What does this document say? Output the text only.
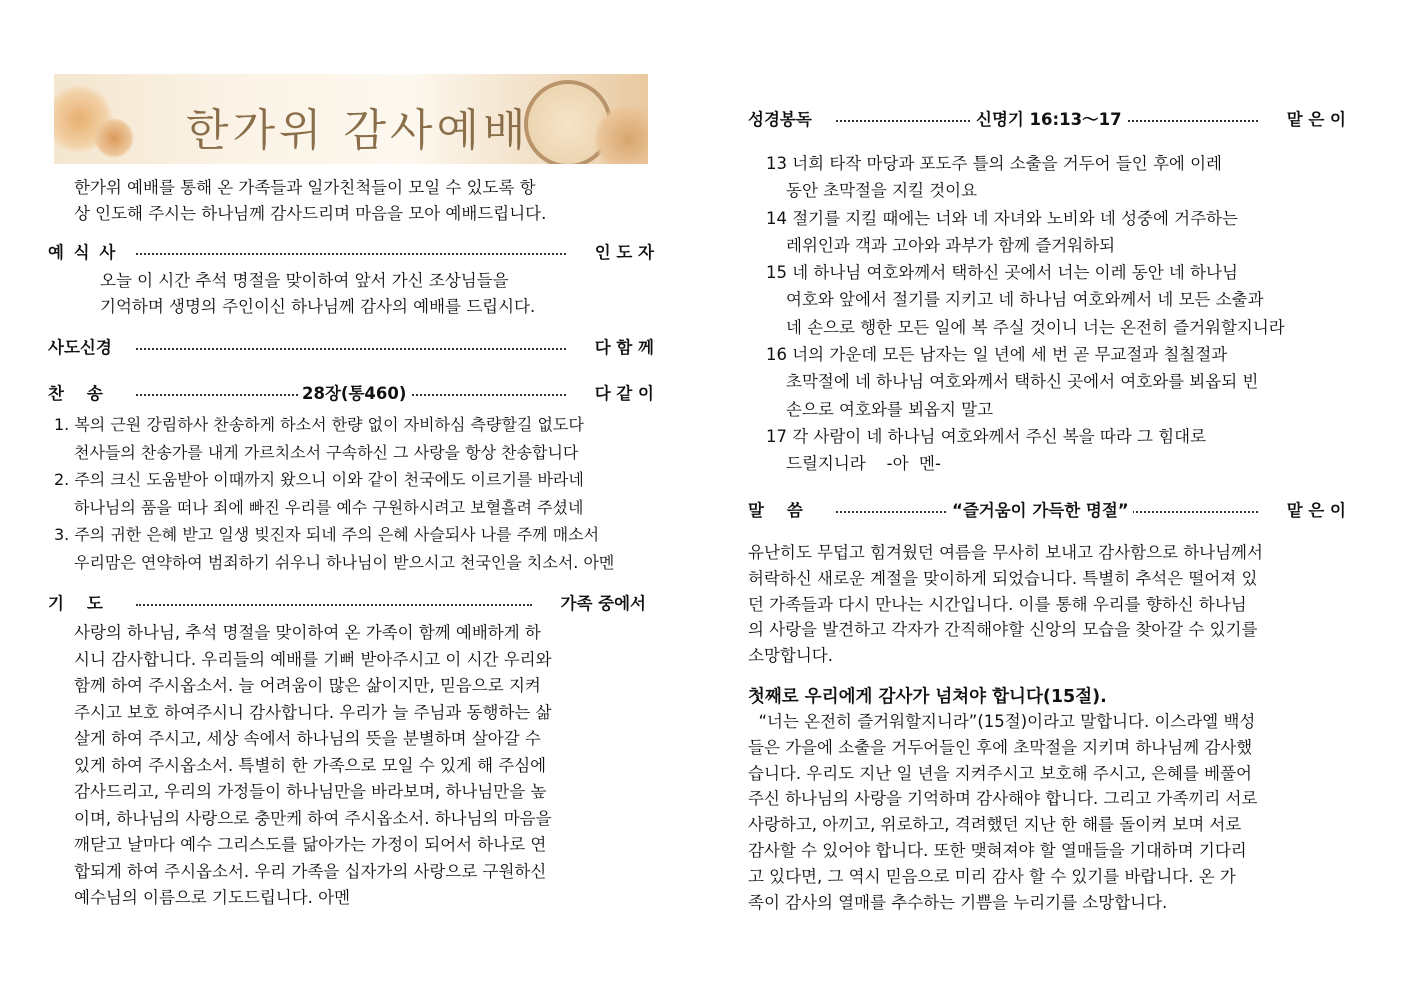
한가위 감사예배
한가위 예배를 통해 온 가족들과 일가친척들이 모일 수 있도록 항
상 인도해 주시는 하나님께 감사드리며 마음을 모아 예배드립니다.
예 식 사	인 도 자
오늘 이 시간 추석 명절을 맞이하여 앞서 가신 조상님들을
기억하며 생명의 주인이신 하나님께 감사의 예배를 드립시다.
사도신경	다 함 께
찬    송	28장(통460)	다 같 이
1. 복의 근원 강림하사 찬송하게 하소서 한량 없이 자비하심 측량할길 없도다
천사들의 찬송가를 내게 가르치소서 구속하신 그 사랑을 항상 찬송합니다
2. 주의 크신 도움받아 이때까지 왔으니 이와 같이 천국에도 이르기를 바라네
하나님의 품을 떠나 죄에 빠진 우리를 예수 구원하시려고 보혈흘려 주셨네
3. 주의 귀한 은혜 받고 일생 빚진자 되네 주의 은혜 사슬되사 나를 주께 매소서
우리맘은 연약하여 범죄하기 쉬우니 하나님이 받으시고 천국인을 치소서. 아멘
기    도	가족 중에서
사랑의 하나님, 추석 명절을 맞이하여 온 가족이 함께 예배하게 하
시니 감사합니다. 우리들의 예배를 기뻐 받아주시고 이 시간 우리와
함께 하여 주시옵소서. 늘 어려움이 많은 삶이지만, 믿음으로 지켜
주시고 보호 하여주시니 감사합니다. 우리가 늘 주님과 동행하는 삶
살게 하여 주시고, 세상 속에서 하나님의 뜻을 분별하며 살아갈 수
있게 하여 주시옵소서. 특별히 한 가족으로 모일 수 있게 해 주심에
감사드리고, 우리의 가정들이 하나님만을 바라보며, 하나님만을 높
이며, 하나님의 사랑으로 충만케 하여 주시옵소서. 하나님의 마음을
깨닫고 날마다 예수 그리스도를 닮아가는 가정이 되어서 하나로 연
합되게 하여 주시옵소서. 우리 가족을 십자가의 사랑으로 구원하신
예수님의 이름으로 기도드립니다. 아멘
성경봉독	신명기 16:13～17	맡 은 이
13 너희 타작 마당과 포도주 틀의 소출을 거두어 들인 후에 이레
동안 초막절을 지킬 것이요
14 절기를 지킬 때에는 너와 네 자녀와 노비와 네 성중에 거주하는
레위인과 객과 고아와 과부가 함께 즐거워하되
15 네 하나님 여호와께서 택하신 곳에서 너는 이레 동안 네 하나님
여호와 앞에서 절기를 지키고 네 하나님 여호와께서 네 모든 소출과
네 손으로 행한 모든 일에 복 주실 것이니 너는 온전히 즐거워할지니라
16 너의 가운데 모든 남자는 일 년에 세 번 곧 무교절과 칠칠절과
초막절에 네 하나님 여호와께서 택하신 곳에서 여호와를 뵈옵되 빈
손으로 여호와를 뵈옵지 말고
17 각 사람이 네 하나님 여호와께서 주신 복을 따라 그 힘대로
드릴지니라    -아  멘-
말    씀	“즐거움이 가득한 명절”	맡 은 이
유난히도 무덥고 힘겨웠던 여름을 무사히 보내고 감사함으로 하나님께서
허락하신 새로운 계절을 맞이하게 되었습니다. 특별히 추석은 떨어져 있
던 가족들과 다시 만나는 시간입니다. 이를 통해 우리를 향하신 하나님
의 사랑을 발견하고 각자가 간직해야할 신앙의 모습을 찾아갈 수 있기를
소망합니다.
첫째로 우리에게 감사가 넘쳐야 합니다(15절).
“너는 온전히 즐거워할지니라”(15절)이라고 말합니다. 이스라엘 백성
들은 가을에 소출을 거두어들인 후에 초막절을 지키며 하나님께 감사했
습니다. 우리도 지난 일 년을 지켜주시고 보호해 주시고, 은혜를 베풀어
주신 하나님의 사랑을 기억하며 감사해야 합니다. 그리고 가족끼리 서로
사랑하고, 아끼고, 위로하고, 격려했던 지난 한 해를 돌이켜 보며 서로
감사할 수 있어야 합니다. 또한 맺혀져야 할 열매들을 기대하며 기다리
고 있다면, 그 역시 믿음으로 미리 감사 할 수 있기를 바랍니다. 온 가
족이 감사의 열매를 추수하는 기쁨을 누리기를 소망합니다.
